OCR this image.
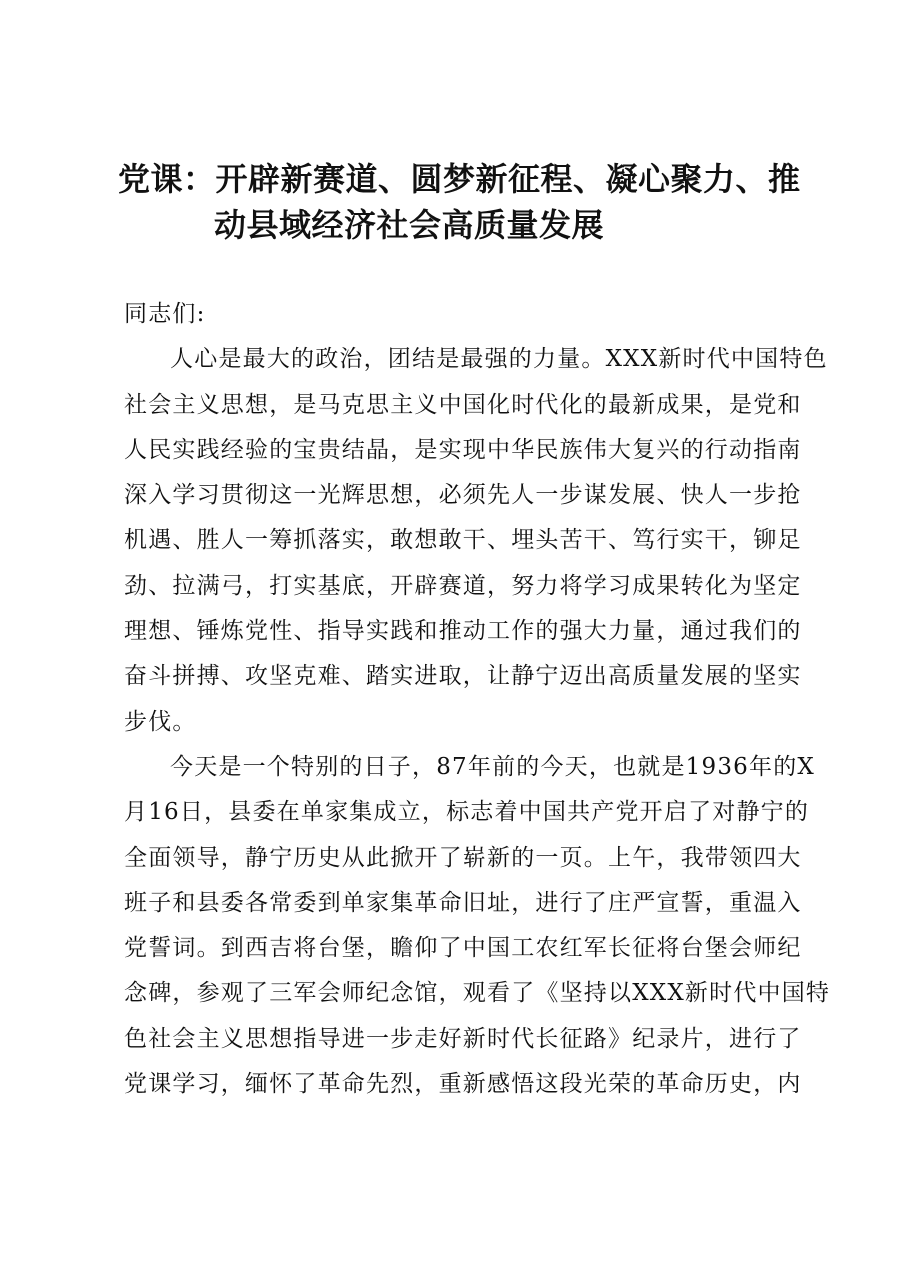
党课：开辟新赛道、圆梦新征程、凝心聚力、推
动县域经济社会高质量发展
同志们:
人心是最大的政治，团结是最强的力量。XXX新时代中国特色
社会主义思想，是马克思主义中国化时代化的最新成果，是党和
人民实践经验的宝贵结晶，是实现中华民族伟大复兴的行动指南
深入学习贯彻这一光辉思想，必须先人一步谋发展、快人一步抢
机遇、胜人一筹抓落实，敢想敢干、埋头苦干、笃行实干，铆足
劲、拉满弓，打实基底，开辟赛道，努力将学习成果转化为坚定
理想、锤炼党性、指导实践和推动工作的强大力量，通过我们的
奋斗拼搏、攻坚克难、踏实进取，让静宁迈出高质量发展的坚实
步伐。
今天是一个特别的日子，87年前的今天，也就是1936年的X
月16日，县委在单家集成立，标志着中国共产党开启了对静宁的
全面领导，静宁历史从此掀开了崭新的一页。上午，我带领四大
班子和县委各常委到单家集革命旧址，进行了庄严宣誓，重温入
党誓词。到西吉将台堡，瞻仰了中国工农红军长征将台堡会师纪
念碑，参观了三军会师纪念馆，观看了《坚持以XXX新时代中国特
色社会主义思想指导进一步走好新时代长征路》纪录片，进行了
党课学习，缅怀了革命先烈，重新感悟这段光荣的革命历史，内
